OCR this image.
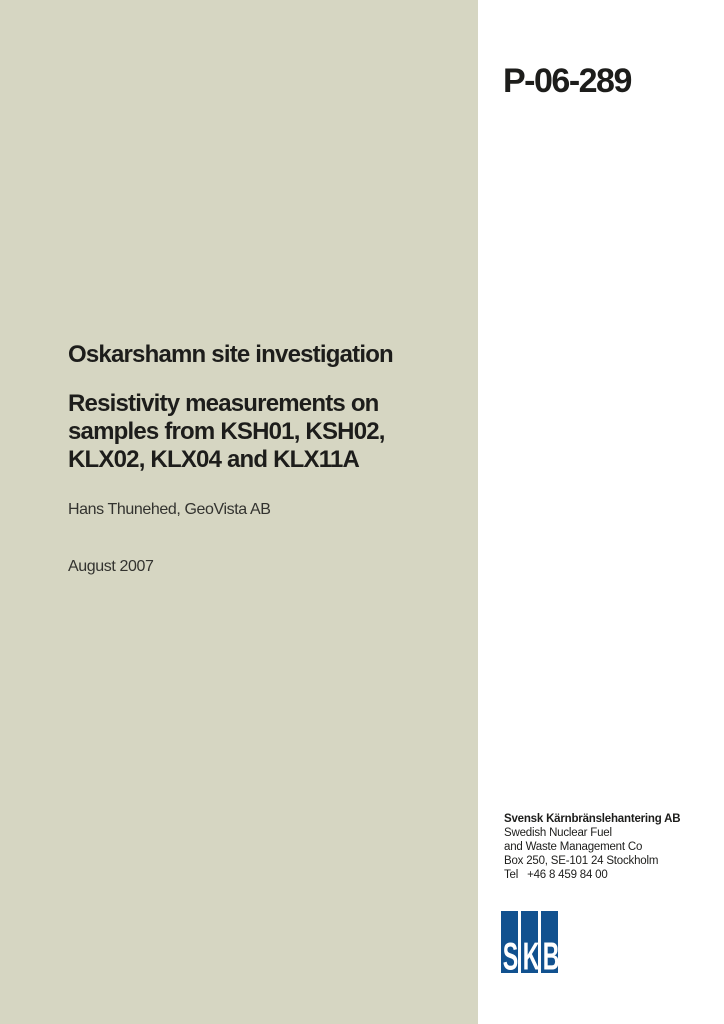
P-06-289
Oskarshamn site investigation
Resistivity measurements on
samples from KSH01, KSH02,
KLX02, KLX04 and KLX11A
Hans Thunehed, GeoVista AB
August 2007
Svensk Kärnbränslehantering AB
Swedish Nuclear Fuel
and Waste Management Co
Box 250, SE-101 24 Stockholm
Tel   +46 8 459 84 00
S K B
